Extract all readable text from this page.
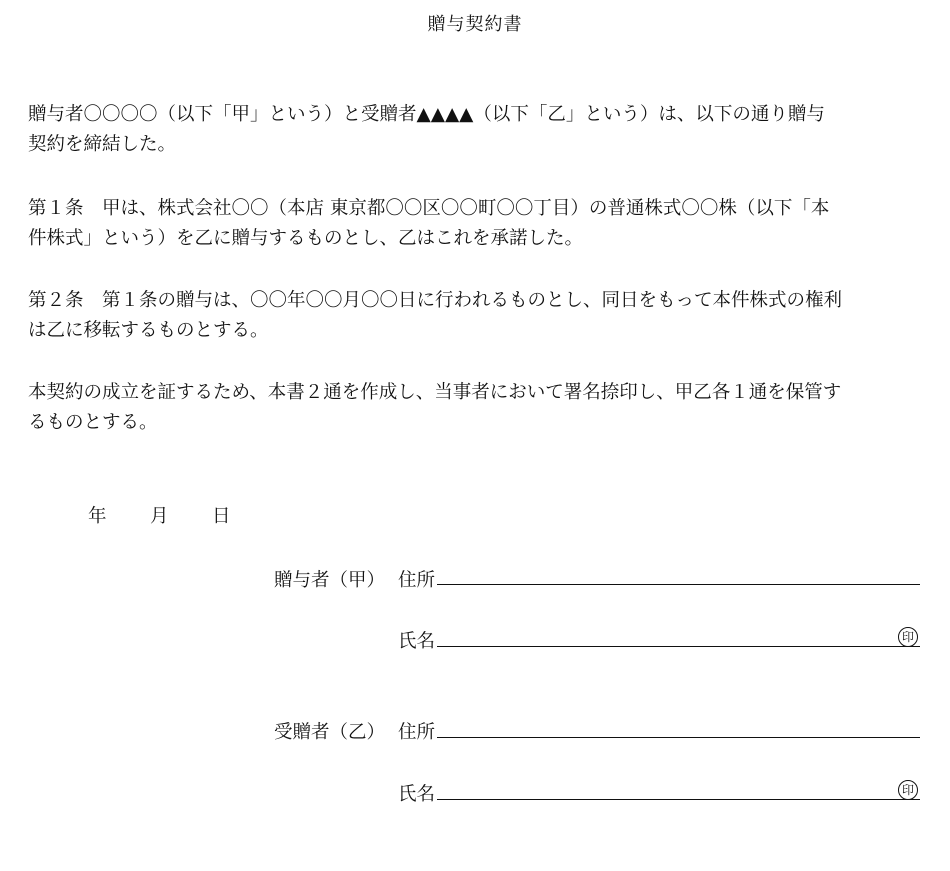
贈与契約書

贈与者〇〇〇〇（以下「甲」という）と受贈者▲▲▲▲（以下「乙」という）は、以下の通り贈与
契約を締結した。

第１条　甲は、株式会社〇〇（本店 東京都〇〇区〇〇町〇〇丁目）の普通株式〇〇株（以下「本
件株式」という）を乙に贈与するものとし、乙はこれを承諾した。

第２条　第１条の贈与は、〇〇年〇〇月〇〇日に行われるものとし、同日をもって本件株式の権利
は乙に移転するものとする。

本契約の成立を証するため、本書２通を作成し、当事者において署名捺印し、甲乙各１通を保管す
るものとする。

年 月 日
贈与者（甲） 住所
氏名	印
受贈者（乙） 住所
氏名	印
